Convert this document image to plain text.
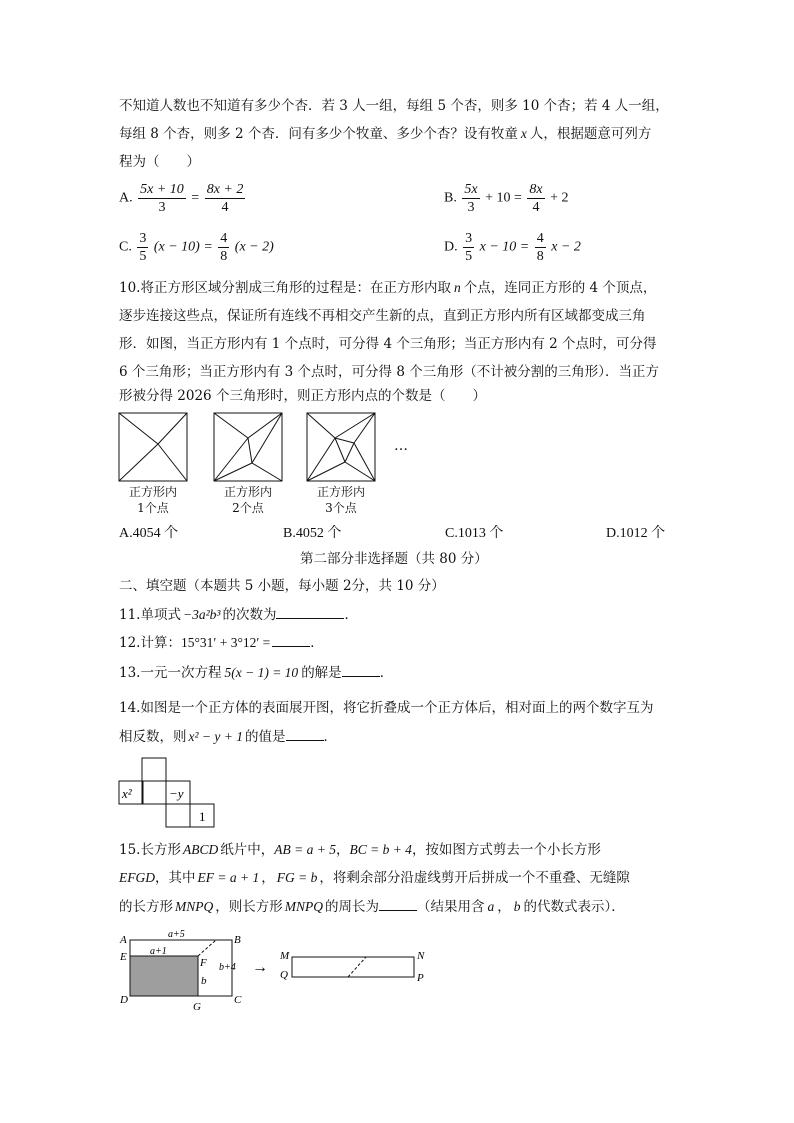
不知道人数也不知道有多少个杏．若 3 人一组，每组 5 个杏，则多 10 个杏；若 4 人一组，
每组 8 个杏，则多 2 个杏．问有多少个牧童、多少个杏？设有牧童 x 人，根据题意可列方
程为（　　）
A. $\frac{5x + 10}{3} = \frac{8x + 2}{4}$	B. $\frac{5x}{3} + 10 = \frac{8x}{4} + 2$
C. $\frac{3}{5} (x - 10) = \frac{4}{8} (x - 2)$	D. $\frac{3}{5}$ $x - 10 = \frac{4}{8}$ x − 2
10.将正方形区域分割成三角形的过程是：在正方形内取 n 个点，连同正方形的 4 个顶点，
逐步连接这些点，保证所有连线不再相交产生新的点，直到正方形内所有区域都变成三角
形．如图，当正方形内有 1 个点时，可分得 4 个三角形；当正方形内有 2 个点时，可分得
6 个三角形；当正方形内有 3 个点时，可分得 8 个三角形（不计被分割的三角形）．当正方
形被分得 2026 个三角形时，则正方形内点的个数是（　　）
…
正方形内
1个点
正方形内
2个点
正方形内
3个点
A.4054 个	B.4052 个	C.1013 个	D.1012 个
第二部分非选择题（共 80 分）
二、填空题（本题共 5 小题，每小题 2分，共 10 分）
11.单项式 −3a²b³ 的次数为	．
12.计算：15°31′ + 3°12′ =	．
13.一元一次方程 5(x − 1) = 10 的解是	．
14.如图是一个正方体的表面展开图，将它折叠成一个正方体后，相对面上的两个数字互为
相反数，则 x² − y + 1 的值是	．
x²	−y
1
15.长方形 ABCD 纸片中，AB = a + 5，BC = b + 4，按如图方式剪去一个小长方形
EFGD，其中 EF = a + 1 ， FG = b ，将剩余部分沿虚线剪开后拼成一个不重叠、无缝隙
的长方形 MNPQ ，则长方形 MNPQ 的周长为	（结果用含 a ， b 的代数式表示）．
A	B
C
D
E	F
G
a+5
a+1
b
b+4 →
M	N
P
Q
